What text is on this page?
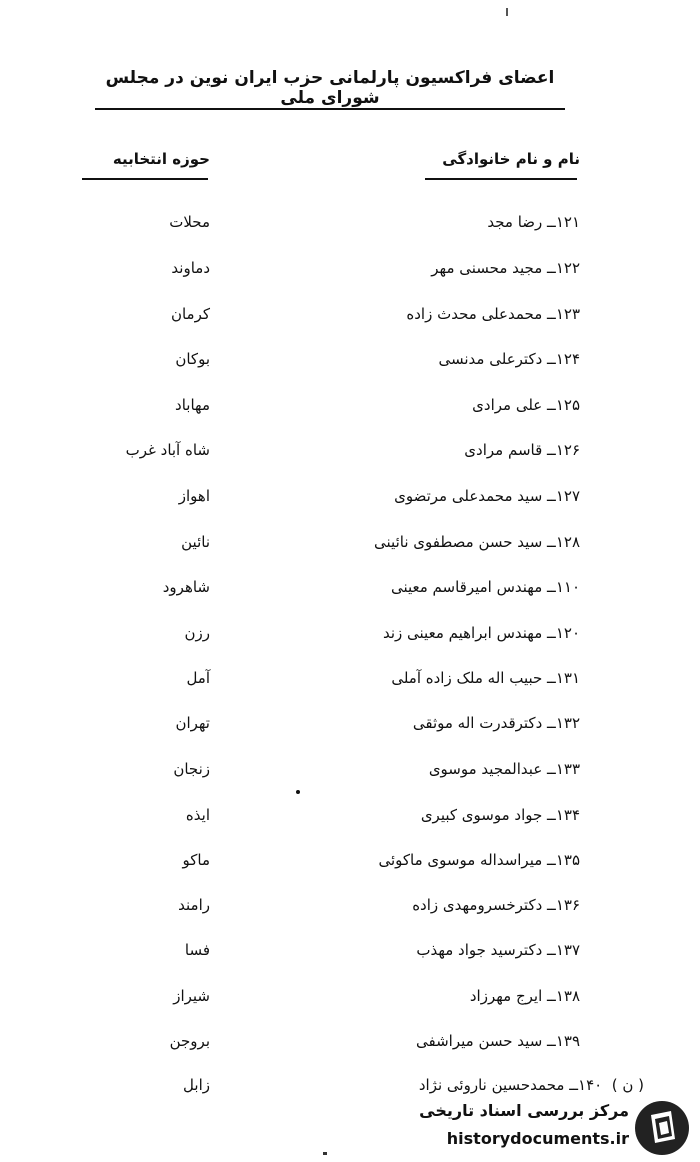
اعضای فراکسیون پارلمانی حزب ایران نوین در مجلس شورای ملی
نام و نام خانوادگی
حوزه انتخابیه
۱۲۱ــ رضا مجد
محلات
۱۲۲ــ مجید محسنی مهر
دماوند
۱۲۳ــ محمدعلی محدث زاده
کرمان
۱۲۴ــ دکترعلی مدنسی
بوکان
۱۲۵ــ علی مرادی
مهاباد
۱۲۶ــ قاسم مرادی
شاه آباد غرب
۱۲۷ــ سید محمدعلی مرتضوی
اهواز
۱۲۸ــ سید حسن مصطفوی نائینی
نائین
۱۱۰ــ مهندس امیرقاسم معینی
شاهرود
۱۲۰ــ مهندس ابراهیم معینی زند
رزن
۱۳۱ــ حبیب اله ملک زاده آملی
آمل
۱۳۲ــ دکترقدرت اله موثقی
تهران
۱۳۳ــ عبدالمجید موسوی
زنجان
۱۳۴ــ جواد موسوی کبیری
ایذه
۱۳۵ــ میراسداله موسوی ماکوئی
ماکو
۱۳۶ــ دکترخسرومهدی زاده
رامند
۱۳۷ــ دکترسید جواد مهذب
فسا
۱۳۸ــ ایرج مهرزاد
شیراز
۱۳۹ــ سید حسن میراشفی
بروجن
( ن )  ۱۴۰ــ محمدحسین ناروئی نژاد
زابل
مرکز بررسی اسناد تاریخی
historydocuments.ir
